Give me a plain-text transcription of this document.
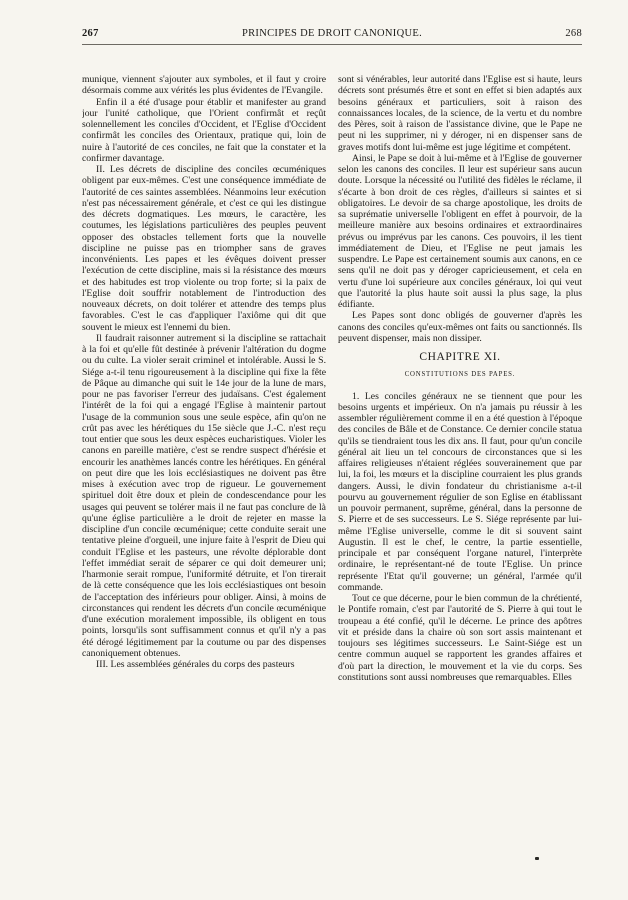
267	PRINCIPES DE DROIT CANONIQUE.	268

munique, viennent s'ajouter aux symboles, et il faut y croire désormais comme aux vérités les plus évidentes de l'Evangile.

Enfin il a été d'usage pour établir et manifester au grand jour l'unité catholique, que l'Orient confirmât et reçût solennellement les conciles d'Occident, et l'Eglise d'Occident confirmât les conciles des Orientaux, pratique qui, loin de nuire à l'autorité de ces conciles, ne fait que la constater et la confirmer davantage.

II. Les décrets de discipline des conciles œcuméniques obligent par eux-mêmes. C'est une conséquence immédiate de l'autorité de ces saintes assemblées. Néanmoins leur exécution n'est pas nécessairement générale, et c'est ce qui les distingue des décrets dogmatiques. Les mœurs, le caractère, les coutumes, les législations particulières des peuples peuvent opposer des obstacles tellement forts que la nouvelle discipline ne puisse pas en triompher sans de graves inconvénients. Les papes et les évêques doivent presser l'exécution de cette discipline, mais si la résistance des mœurs et des habitudes est trop violente ou trop forte; si la paix de l'Eglise doit souffrir notablement de l'introduction des nouveaux décrets, on doit tolérer et attendre des temps plus favorables. C'est le cas d'appliquer l'axiôme qui dit que souvent le mieux est l'ennemi du bien.

Il faudrait raisonner autrement si la discipline se rattachait à la foi et qu'elle fût destinée à prévenir l'altération du dogme ou du culte. La violer serait criminel et intolérable. Aussi le S. Siége a-t-il tenu rigoureusement à la discipline qui fixe la fête de Pâque au dimanche qui suit le 14e jour de la lune de mars, pour ne pas favoriser l'erreur des judaïsans. C'est également l'intérêt de la foi qui a engagé l'Eglise à maintenir partout l'usage de la communion sous une seule espèce, afin qu'on ne crût pas avec les hérétiques du 15e siècle que J.-C. n'est reçu tout entier que sous les deux espèces eucharistiques. Violer les canons en pareille matière, c'est se rendre suspect d'hérésie et encourir les anathèmes lancés contre les hérétiques. En général on peut dire que les lois ecclésiastiques ne doivent pas être mises à exécution avec trop de rigueur. Le gouvernement spirituel doit être doux et plein de condescendance pour les usages qui peuvent se tolérer mais il ne faut pas conclure de là qu'une église particulière a le droit de rejeter en masse la discipline d'un concile œcuménique; cette conduite serait une tentative pleine d'orgueil, une injure faite à l'esprit de Dieu qui conduit l'Eglise et les pasteurs, une révolte déplorable dont l'effet immédiat serait de séparer ce qui doit demeurer uni; l'harmonie serait rompue, l'uniformité détruite, et l'on tirerait de là cette conséquence que les lois ecclésiastiques ont besoin de l'acceptation des inférieurs pour obliger. Ainsi, à moins de circonstances qui rendent les décrets d'un concile œcuménique d'une exécution moralement impossible, ils obligent en tous points, lorsqu'ils sont suffisamment connus et qu'il n'y a pas été dérogé légitimement par la coutume ou par des dispenses canoniquement obtenues.

III. Les assemblées générales du corps des pasteurs

sont si vénérables, leur autorité dans l'Eglise est si haute, leurs décrets sont présumés être et sont en effet si bien adaptés aux besoins généraux et particuliers, soit à raison des connaissances locales, de la science, de la vertu et du nombre des Pères, soit à raison de l'assistance divine, que le Pape ne peut ni les supprimer, ni y déroger, ni en dispenser sans de graves motifs dont lui-même est juge légitime et compétent.

Ainsi, le Pape se doit à lui-même et à l'Eglise de gouverner selon les canons des conciles. Il leur est supérieur sans aucun doute. Lorsque la nécessité ou l'utilité des fidèles le réclame, il s'écarte à bon droit de ces règles, d'ailleurs si saintes et si obligatoires. Le devoir de sa charge apostolique, les droits de sa suprématie universelle l'obligent en effet à pourvoir, de la meilleure manière aux besoins ordinaires et extraordinaires prévus ou imprévus par les canons. Ces pouvoirs, il les tient immédiatement de Dieu, et l'Eglise ne peut jamais les suspendre. Le Pape est certainement soumis aux canons, en ce sens qu'il ne doit pas y déroger capricieusement, et cela en vertu d'une loi supérieure aux conciles généraux, loi qui veut que l'autorité la plus haute soit aussi la plus sage, la plus édifiante.

Les Papes sont donc obligés de gouverner d'après les canons des conciles qu'eux-mêmes ont faits ou sanctionnés. Ils peuvent dispenser, mais non dissiper.

CHAPITRE XI.
CONSTITUTIONS DES PAPES.

1. Les conciles généraux ne se tiennent que pour les besoins urgents et impérieux. On n'a jamais pu réussir à les assembler régulièrement comme il en a été question à l'époque des conciles de Bâle et de Constance. Ce dernier concile statua qu'ils se tiendraient tous les dix ans. Il faut, pour qu'un concile général ait lieu un tel concours de circonstances que si les affaires religieuses n'étaient réglées souverainement que par lui, la foi, les mœurs et la discipline courraient les plus grands dangers. Aussi, le divin fondateur du christianisme a-t-il pourvu au gouvernement régulier de son Eglise en établissant un pouvoir permanent, suprême, général, dans la personne de S. Pierre et de ses successeurs. Le S. Siége représente par lui-même l'Eglise universelle, comme le dit si souvent saint Augustin. Il est le chef, le centre, la partie essentielle, principale et par conséquent l'organe naturel, l'interprète ordinaire, le représentant-né de toute l'Eglise. Un prince représente l'Etat qu'il gouverne; un général, l'armée qu'il commande.

Tout ce que décerne, pour le bien commun de la chrétienté, le Pontife romain, c'est par l'autorité de S. Pierre à qui tout le troupeau a été confié, qu'il le décerne. Le prince des apôtres vit et préside dans la chaire où son sort assis maintenant et toujours ses légitimes successeurs. Le Saint-Siége est un centre commun auquel se rapportent les grandes affaires et d'où part la direction, le mouvement et la vie du corps. Ses constitutions sont aussi nombreuses que remarquables. Elles
